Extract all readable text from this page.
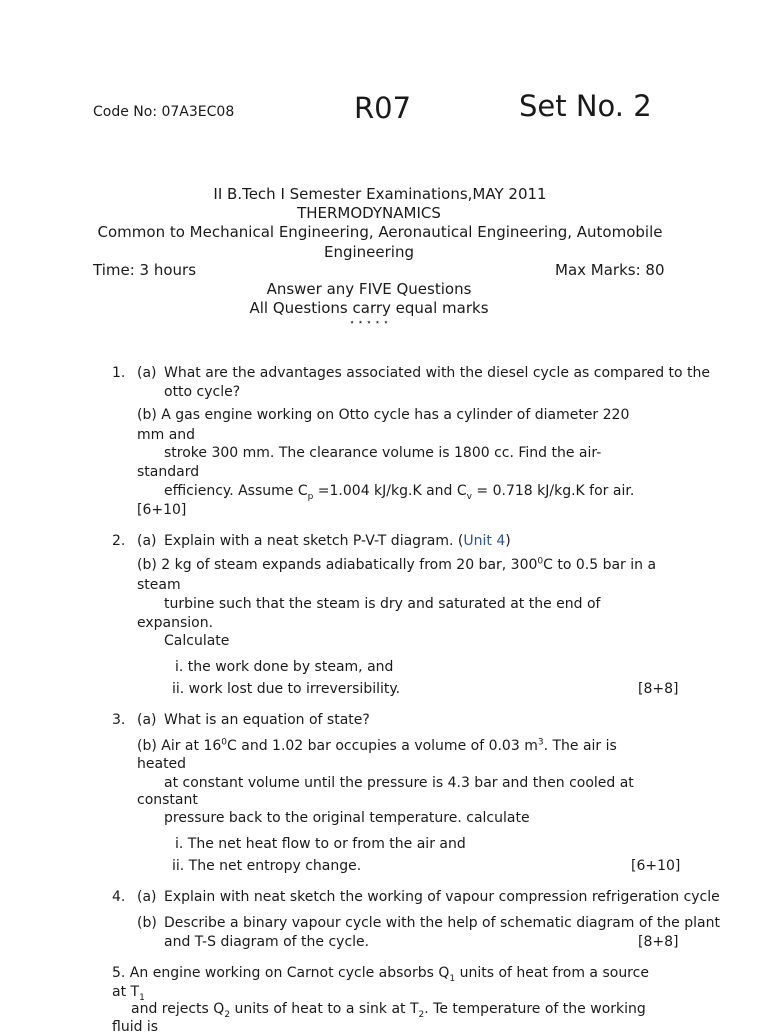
Code No: 07A3EC08	R07	Set No. 2
II B.Tech I Semester Examinations,MAY 2011
THERMODYNAMICS
Common to Mechanical Engineering, Aeronautical Engineering, Automobile
Engineering
Time: 3 hours	Max Marks: 80
Answer any FIVE Questions
All Questions carry equal marks
⋆ ⋆ ⋆ ⋆ ⋆
1. (a) What are the advantages associated with the diesel cycle as compared to the
otto cycle?
(b) A gas engine working on Otto cycle has a cylinder of diameter 220
mm and
stroke 300 mm. The clearance volume is 1800 cc. Find the air-
standard
efficiency. Assume $C_p =1.004$ kJ/kg.K and $C_v = 0.718$ kJ/kg.K for air.
[6+10]
2. (a) Explain with a neat sketch P-V-T diagram. (Unit 4)
(b) 2 kg of steam expands adiabatically from 20 bar, $300^0C$ to 0.5 bar in a
steam
turbine such that the steam is dry and saturated at the end of
expansion.
Calculate
i. the work done by steam, and
ii. work lost due to irreversibility.	[8+8]
3. (a) What is an equation of state?
(b) Air at $16^0C$ and 1.02 bar occupies a volume of 0.03 $m^3$. The air is
heated
at constant volume until the pressure is 4.3 bar and then cooled at
constant
pressure back to the original temperature. calculate
i. The net heat flow to or from the air and
ii. The net entropy change.	[6+10]
4. (a) Explain with neat sketch the working of vapour compression refrigeration cycle
(b) Describe a binary vapour cycle with the help of schematic diagram of the plant
and T-S diagram of the cycle.	[8+8]
5. An engine working on Carnot cycle absorbs $Q_1$ units of heat from a source
at $T_1$
and rejects $Q_2$ units of heat to a sink at $T_2$. Te temperature of the working
fluid is
